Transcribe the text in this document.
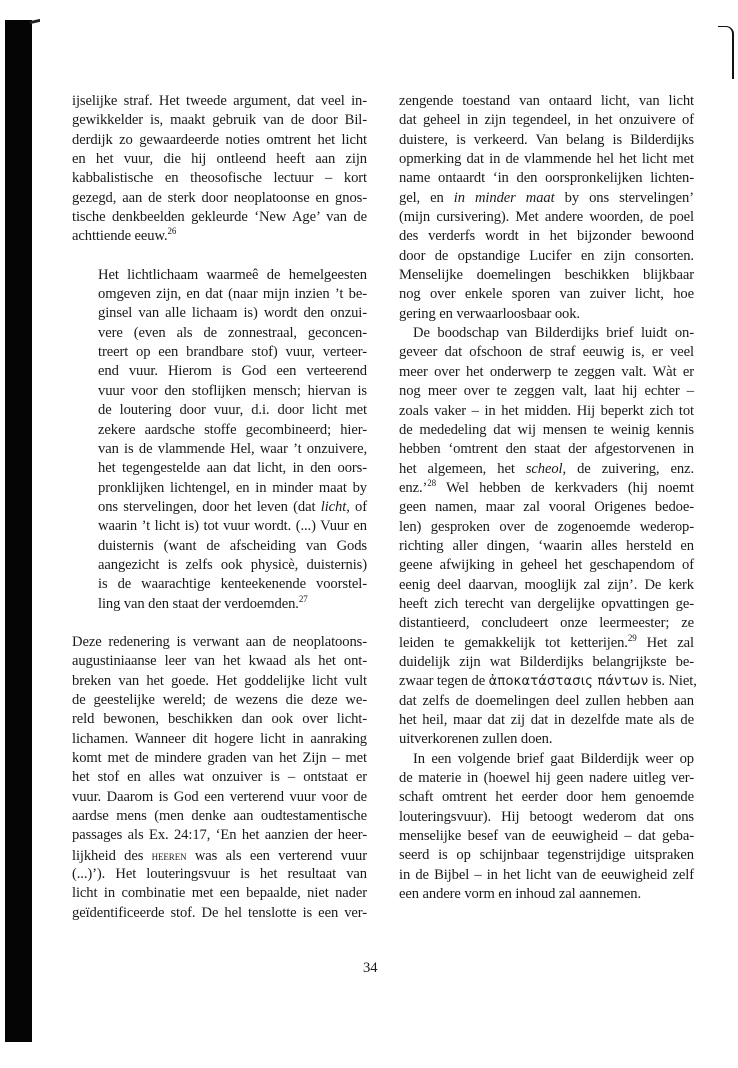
ijselijke straf. Het tweede argument, dat veel in-
gewikkelder is, maakt gebruik van de door Bil-
derdijk zo gewaardeerde noties omtrent het licht
en het vuur, die hij ontleend heeft aan zijn
kabbalistische en theosofische lectuur – kort
gezegd, aan de sterk door neoplatoonse en gnos-
tische denkbeelden gekleurde ‘New Age’ van de
achttiende eeuw.$^{26}$
Het lichtlichaam waarmeê de hemelgeesten
omgeven zijn, en dat (naar mijn inzien ’t be-
ginsel van alle lichaam is) wordt den onzui-
vere (even als de zonnestraal, geconcen-
treert op een brandbare stof) vuur, verteer-
end vuur. Hierom is God een verteerend
vuur voor den stoflijken mensch; hiervan is
de loutering door vuur, d.i. door licht met
zekere aardsche stoffe gecombineerd; hier-
van is de vlammende Hel, waar ’t onzuivere,
het tegengestelde aan dat licht, in den oors-
pronklijken lichtengel, en in minder maat by
ons stervelingen, door het leven (dat licht, of
waarin ’t licht is) tot vuur wordt. (...) Vuur en
duisternis (want de afscheiding van Gods
aangezicht is zelfs ook physicè, duisternis)
is de waarachtige kenteekenende voorstel-
ling van den staat der verdoemden.$^{27}$
Deze redenering is verwant aan de neoplatoons-
augustiniaanse leer van het kwaad als het ont-
breken van het goede. Het goddelijke licht vult
de geestelijke wereld; de wezens die deze we-
reld bewonen, beschikken dan ook over licht-
lichamen. Wanneer dit hogere licht in aanraking
komt met de mindere graden van het Zijn – met
het stof en alles wat onzuiver is – ontstaat er
vuur. Daarom is God een verterend vuur voor de
aardse mens (men denke aan oudtestamentische
passages als Ex. 24:17, ‘En het aanzien der heer-
lijkheid des heeren was als een verterend vuur
(...)’). Het louteringsvuur is het resultaat van
licht in combinatie met een bepaalde, niet nader
geïdentificeerde stof. De hel tenslotte is een ver-
zengende toestand van ontaard licht, van licht
dat geheel in zijn tegendeel, in het onzuivere of
duistere, is verkeerd. Van belang is Bilderdijks
opmerking dat in de vlammende hel het licht met
name ontaardt ‘in den oorspronkelijken lichten-
gel, en in minder maat by ons stervelingen’
(mijn cursivering). Met andere woorden, de poel
des verderfs wordt in het bijzonder bewoond
door de opstandige Lucifer en zijn consorten.
Menselijke doemelingen beschikken blijkbaar
nog over enkele sporen van zuiver licht, hoe
gering en verwaarloosbaar ook.
De boodschap van Bilderdijks brief luidt on-
geveer dat ofschoon de straf eeuwig is, er veel
meer over het onderwerp te zeggen valt. Wàt er
nog meer over te zeggen valt, laat hij echter –
zoals vaker – in het midden. Hij beperkt zich tot
de mededeling dat wij mensen te weinig kennis
hebben ‘omtrent den staat der afgestorvenen in
het algemeen, het scheol, de zuivering, enz.
enz.’$^{28}$ Wel hebben de kerkvaders (hij noemt
geen namen, maar zal vooral Origenes bedoe-
len) gesproken over de zogenoemde wederop-
richting aller dingen, ‘waarin alles hersteld en
geene afwijking in geheel het geschapendom of
eenig deel daarvan, mooglijk zal zijn’. De kerk
heeft zich terecht van dergelijke opvattingen ge-
distantieerd, concludeert onze leermeester; ze
leiden te gemakkelijk tot ketterijen.$^{29}$ Het zal
duidelijk zijn wat Bilderdijks belangrijkste be-
zwaar tegen de ἀποκατάστασις πάντων is. Niet,
dat zelfs de doemelingen deel zullen hebben aan
het heil, maar dat zij dat in dezelfde mate als de
uitverkorenen zullen doen.
In een volgende brief gaat Bilderdijk weer op
de materie in (hoewel hij geen nadere uitleg ver-
schaft omtrent het eerder door hem genoemde
louteringsvuur). Hij betoogt wederom dat ons
menselijke besef van de eeuwigheid – dat geba-
seerd is op schijnbaar tegenstrijdige uitspraken
in de Bijbel – in het licht van de eeuwigheid zelf
een andere vorm en inhoud zal aannemen.
34
